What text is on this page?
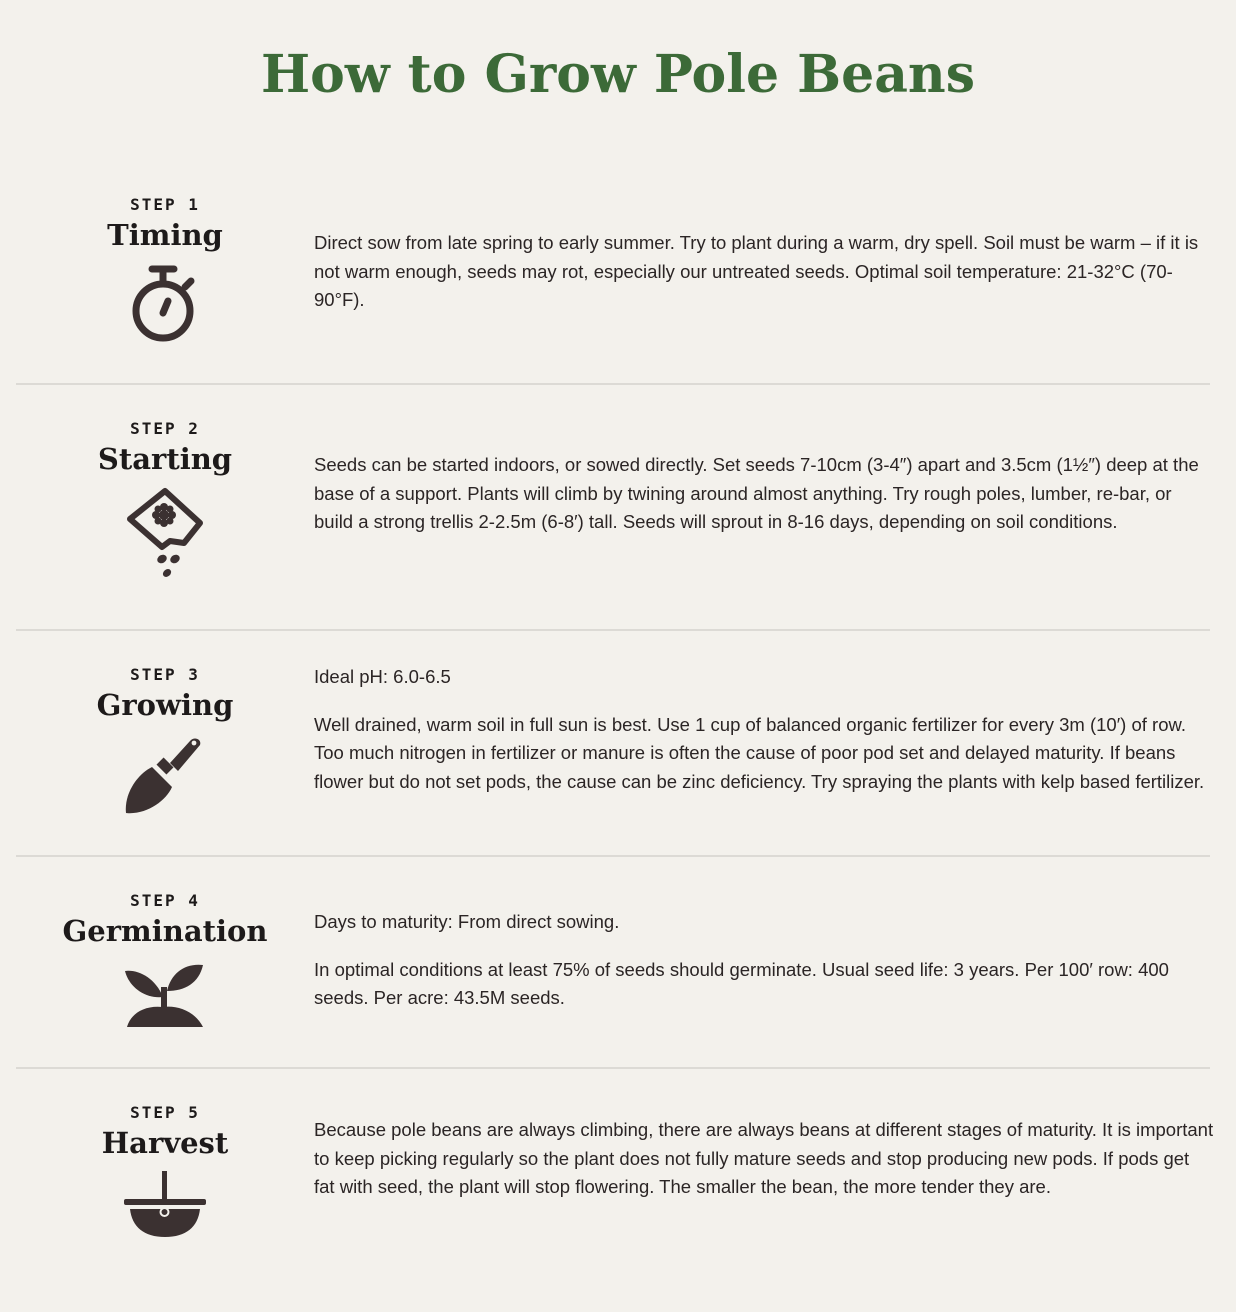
How to Grow Pole Beans
STEP 1
Timing	Direct sow from late spring to early summer. Try to plant during a warm, dry spell. Soil must be warm – if it is not warm enough, seeds may rot, especially our untreated seeds. Optimal soil temperature: 21-32°C (70-90°F).

STEP 2
Starting	Seeds can be started indoors, or sowed directly. Set seeds 7-10cm (3-4″) apart and 3.5cm (1½″) deep at the base of a support. Plants will climb by twining around almost anything. Try rough poles, lumber, re-bar, or build a strong trellis 2-2.5m (6-8′) tall. Seeds will sprout in 8-16 days, depending on soil conditions.

STEP 3
Growing

Ideal pH: 6.0-6.5

Well drained, warm soil in full sun is best. Use 1 cup of balanced organic fertilizer for every 3m (10′) of row. Too much nitrogen in fertilizer or manure is often the cause of poor pod set and delayed maturity. If beans flower but do not set pods, the cause can be zinc deficiency. Try spraying the plants with kelp based fertilizer.

STEP 4
Germination	Days to maturity: From direct sowing.

In optimal conditions at least 75% of seeds should germinate. Usual seed life: 3 years. Per 100′ row: 400 seeds. Per acre: 43.5M seeds.

STEP 5
Harvest	Because pole beans are always climbing, there are always beans at different stages of maturity. It is important to keep picking regularly so the plant does not fully mature seeds and stop producing new pods. If pods get fat with seed, the plant will stop flowering. The smaller the bean, the more tender they are.
